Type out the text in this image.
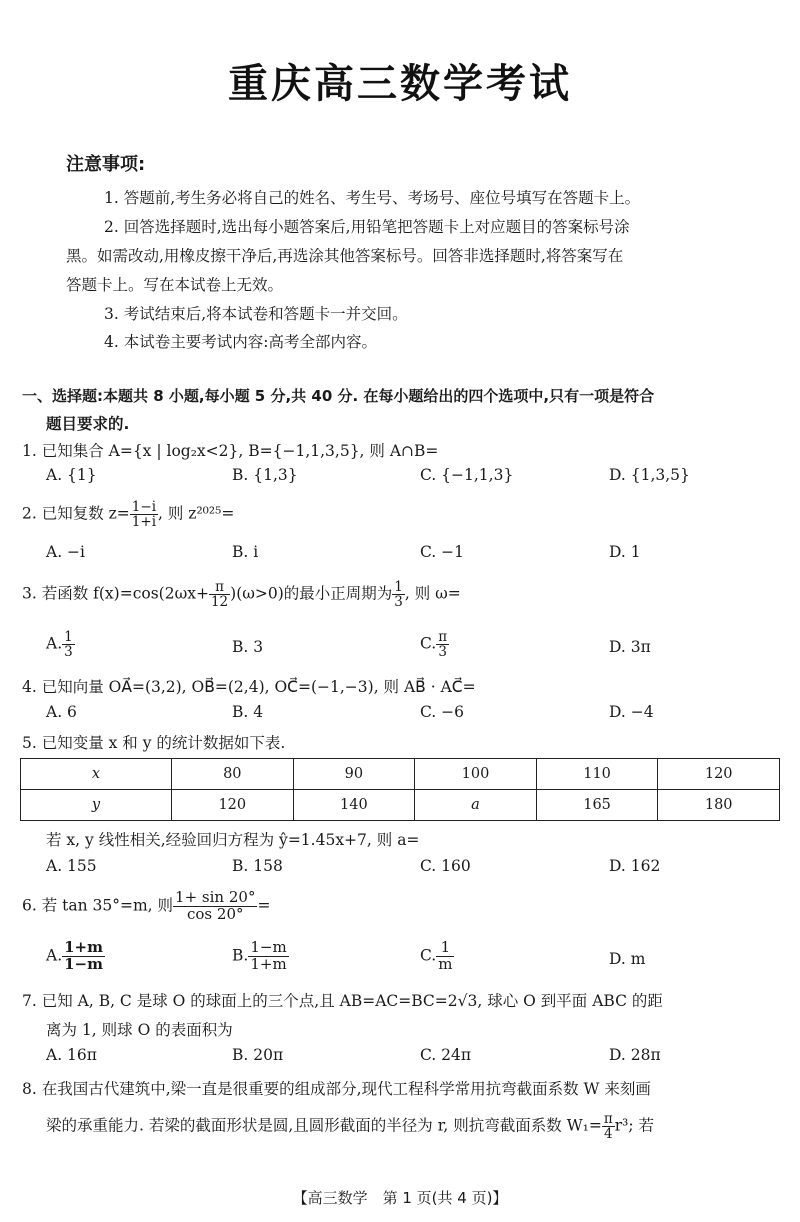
重庆高三数学考试
注意事项:
1. 答题前,考生务必将自己的姓名、考生号、考场号、座位号填写在答题卡上。
2. 回答选择题时,选出每小题答案后,用铅笔把答题卡上对应题目的答案标号涂
黑。如需改动,用橡皮擦干净后,再选涂其他答案标号。回答非选择题时,将答案写在
答题卡上。写在本试卷上无效。
3. 考试结束后,将本试卷和答题卡一并交回。
4. 本试卷主要考试内容:高考全部内容。
一、选择题:本题共 8 小题,每小题 5 分,共 40 分. 在每小题给出的四个选项中,只有一项是符合
题目要求的.
1. 已知集合 A={x | log₂x<2}, B={−1,1,3,5}, 则 A∩B=
A. {1}	B. {1,3}	C. {−1,1,3}	D. {1,3,5}
2. 已知复数 $z= \frac{1-i}{1+i}$ , 则 z²⁰²⁵=
A. −i	B. i	C. −1	D. 1
3. 若函数 $f(x)=\cos(2\omega x+ \frac{\pi}{12} )(\omega>0)$的最小正周期为 $\frac{1}{3}$ , 则 ω=
A. $\frac{1}{3}$	B. 3	C. $\frac{\pi}{3}$	D. 3π
4. 已知向量 OA⃗=(3,2), OB⃗=(2,4), OC⃗=(−1,−3), 则 AB⃗ · AC⃗=
A. 6	B. 4	C. −6	D. −4
5. 已知变量 x 和 y 的统计数据如下表.
x	80	90	100	110	120
y	120	140	a	165	180
若 x, y 线性相关,经验回归方程为 ŷ=1.45x+7, 则 a=
A. 155	B. 158	C. 160	D. 162
6. 若 tan 35°=m, 则 $\frac{1+ \sin 20^\circ}{\cos 20^\circ}$ =
A. $\frac{1+m}{1-m}$	B. $\frac{1-m}{1+m}$	C. $\frac{1}{m}$	D. m
7. 已知 A, B, C 是球 O 的球面上的三个点,且 AB=AC=BC=2√3, 球心 O 到平面 ABC 的距
离为 1, 则球 O 的表面积为
A. 16π	B. 20π	C. 24π	D. 28π
8. 在我国古代建筑中,梁一直是很重要的组成部分,现代工程科学常用抗弯截面系数 W 来刻画
梁的承重能力. 若梁的截面形状是圆,且圆形截面的半径为 r, 则抗弯截面系数 $W_1= \frac{\pi}{4} r^3$; 若
【高三数学　第 1 页(共 4 页)】
